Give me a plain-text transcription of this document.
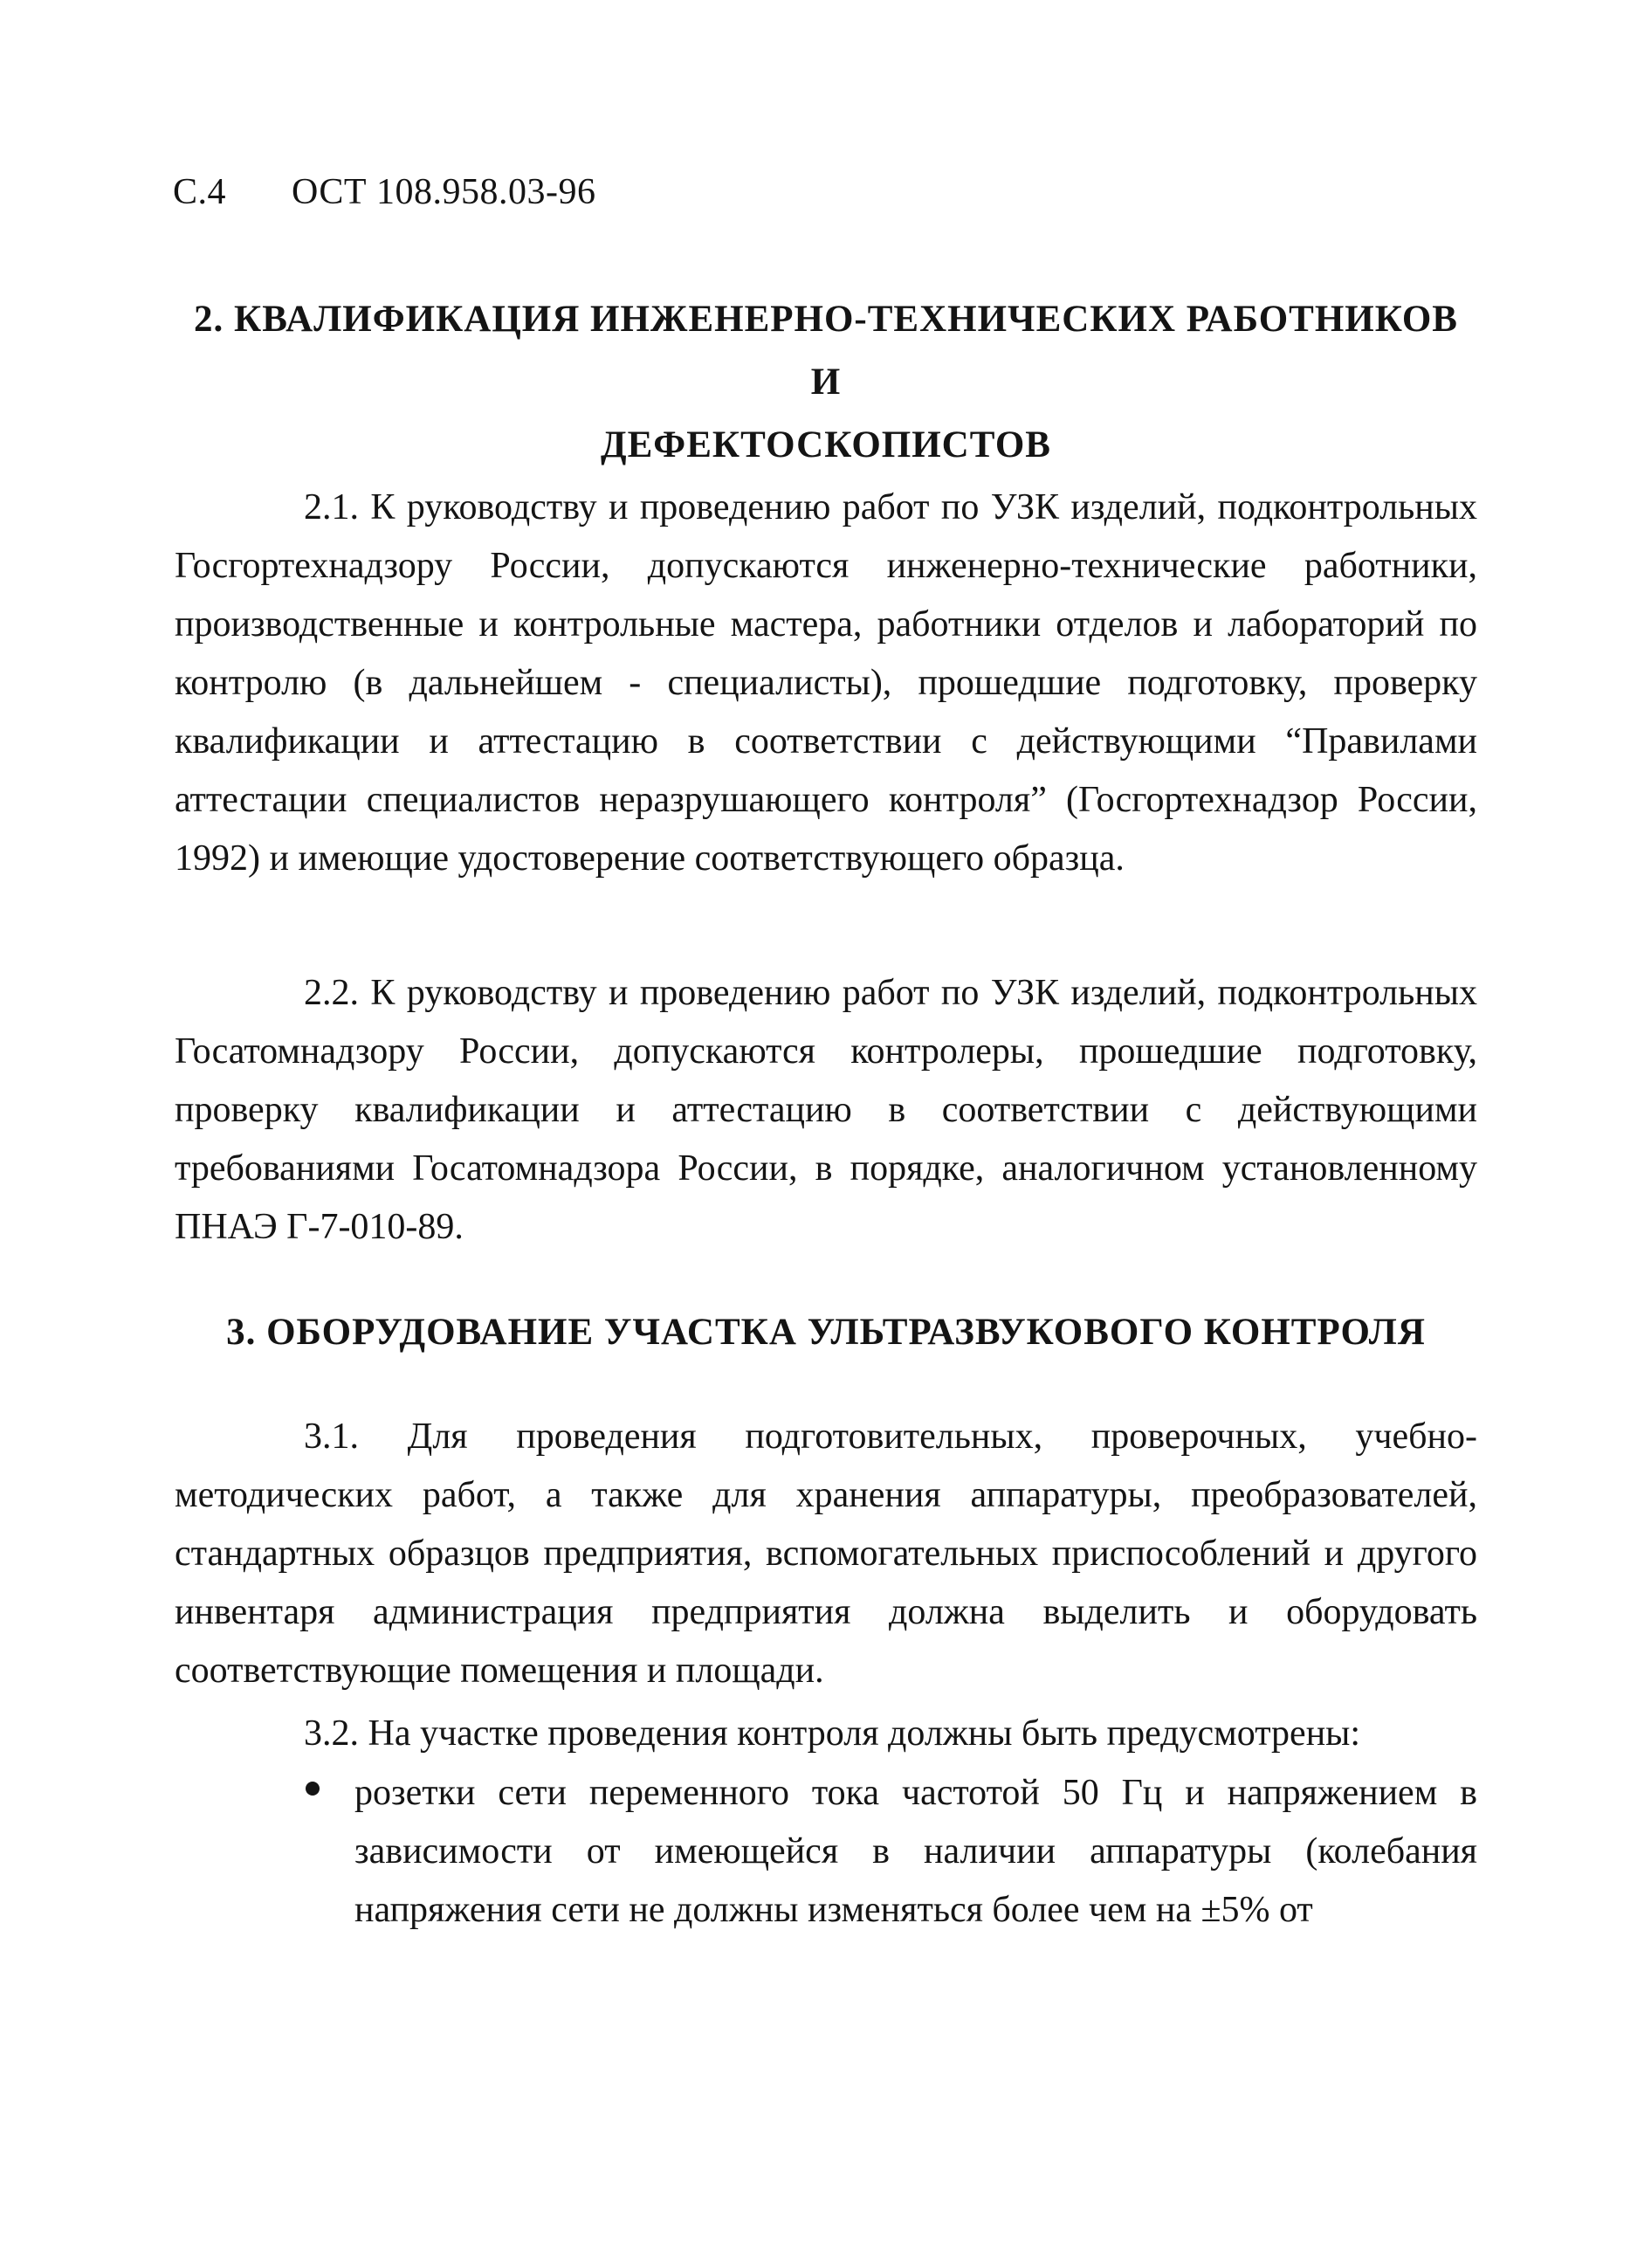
С.4 ОСТ 108.958.03-96
2. КВАЛИФИКАЦИЯ ИНЖЕНЕРНО-ТЕХНИЧЕСКИХ РАБОТНИКОВ И
ДЕФЕКТОСКОПИСТОВ

2.1. К руководству и проведению работ по УЗК изделий, подконтрольных Госгортехнадзору России, допускаются инженерно-технические работники, производственные и контрольные мастера, работники отделов и лабораторий по контролю (в дальнейшем - специалисты), прошедшие подготовку, проверку квалификации и аттестацию в соответствии с действующими “Правилами аттестации специалистов неразрушающего контроля” (Госгортехнадзор России, 1992) и имеющие удостоверение соответствующего образца.

2.2. К руководству и проведению работ по УЗК изделий, подконтрольных Госатомнадзору России, допускаются контролеры, прошедшие подготовку, проверку квалификации и аттестацию в соответствии с действующими требованиями Госатомнадзора России, в порядке, аналогичном установленному ПНАЭ Г-7-010-89.

3. ОБОРУДОВАНИЕ УЧАСТКА УЛЬТРАЗВУКОВОГО КОНТРОЛЯ

3.1. Для проведения подготовительных, проверочных, учебно-методических работ, а также для хранения аппаратуры, преобразователей, стандартных образцов предприятия, вспомогательных приспособлений и другого инвентаря администрация предприятия должна выделить и оборудовать соответствующие помещения и площади.

3.2. На участке проведения контроля должны быть предусмотрены:

розетки сети переменного тока частотой 50 Гц и напряжением в зависимости от имеющейся в наличии аппаратуры (колебания напряжения сети не должны изменяться более чем на ±5% от
